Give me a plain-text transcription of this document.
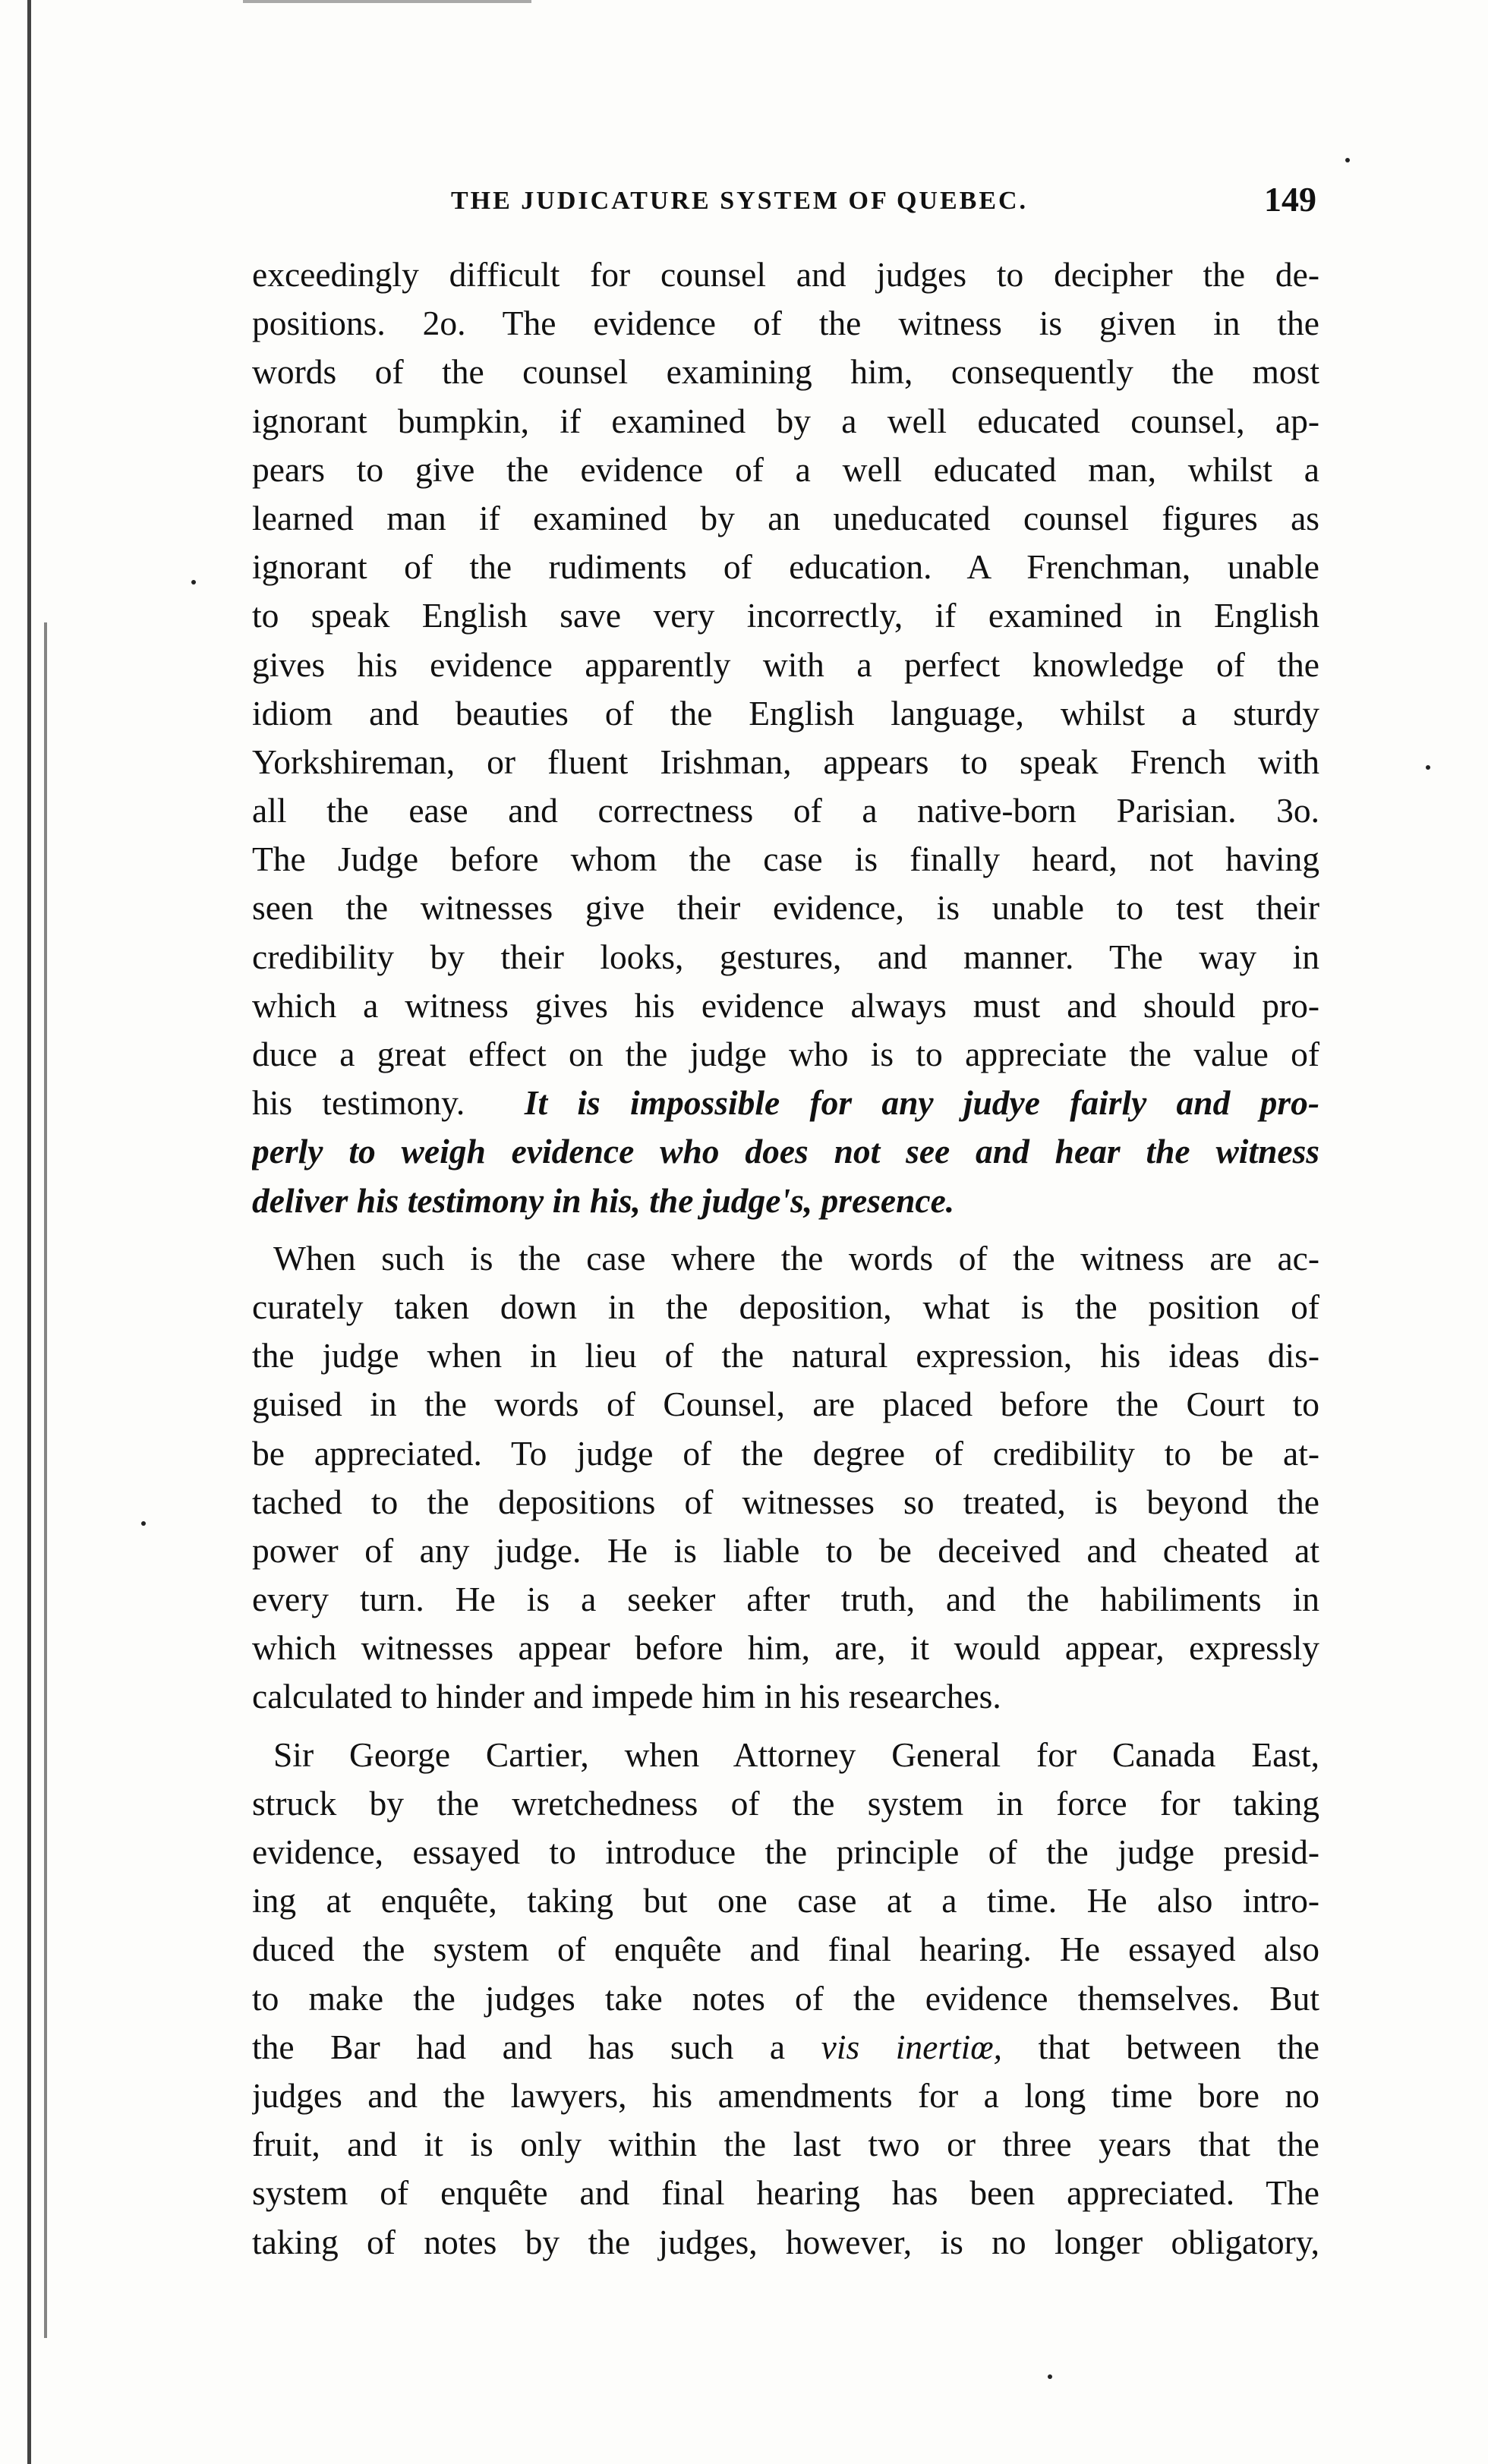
THE JUDICATURE SYSTEM OF QUEBEC.	149

exceedingly difficult for counsel and judges to decipher the de-
positions. 2o. The evidence of the witness is given in the
words of the counsel examining him, consequently the most
ignorant bumpkin, if examined by a well educated counsel, ap-
pears to give the evidence of a well educated man, whilst a
learned man if examined by an uneducated counsel figures as
ignorant of the rudiments of education. A Frenchman, unable
to speak English save very incorrectly, if examined in English
gives his evidence apparently with a perfect knowledge of the
idiom and beauties of the English language, whilst a sturdy
Yorkshireman, or fluent Irishman, appears to speak French with
all the ease and correctness of a native-born Parisian. 3o.
The Judge before whom the case is finally heard, not having
seen the witnesses give their evidence, is unable to test their
credibility by their looks, gestures, and manner. The way in
which a witness gives his evidence always must and should pro-
duce a great effect on the judge who is to appreciate the value of
his testimony. It is impossible for any judye fairly and pro-
perly to weigh evidence who does not see and hear the witness
deliver his testimony in his, the judge's, presence.

When such is the case where the words of the witness are ac-
curately taken down in the deposition, what is the position of
the judge when in lieu of the natural expression, his ideas dis-
guised in the words of Counsel, are placed before the Court to
be appreciated. To judge of the degree of credibility to be at-
tached to the depositions of witnesses so treated, is beyond the
power of any judge. He is liable to be deceived and cheated at
every turn. He is a seeker after truth, and the habiliments in
which witnesses appear before him, are, it would appear, expressly
calculated to hinder and impede him in his researches.

Sir George Cartier, when Attorney General for Canada East,
struck by the wretchedness of the system in force for taking
evidence, essayed to introduce the principle of the judge presid-
ing at enquête, taking but one case at a time. He also intro-
duced the system of enquête and final hearing. He essayed also
to make the judges take notes of the evidence themselves. But
the Bar had and has such a vis inertiœ, that between the
judges and the lawyers, his amendments for a long time bore no
fruit, and it is only within the last two or three years that the
system of enquête and final hearing has been appreciated. The
taking of notes by the judges, however, is no longer obligatory,
